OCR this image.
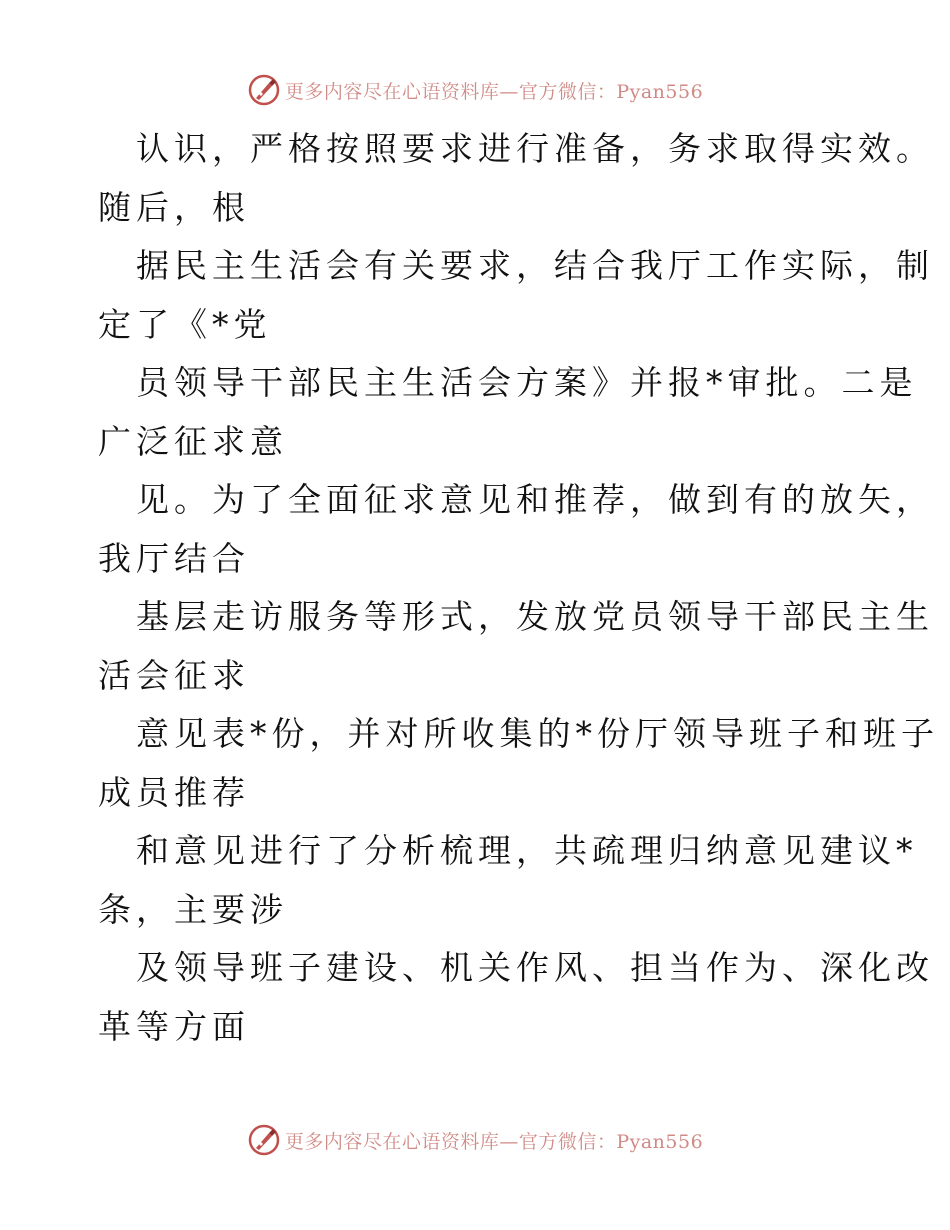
更多内容尽在心语资料库—官方微信：Pyan556
认识，严格按照要求进行准备，务求取得实效。
随后，根
据民主生活会有关要求，结合我厅工作实际，制
定了《*党
员领导干部民主生活会方案》并报*审批。二是
广泛征求意
见。为了全面征求意见和推荐，做到有的放矢，
我厅结合
基层走访服务等形式，发放党员领导干部民主生
活会征求
意见表*份，并对所收集的*份厅领导班子和班子
成员推荐
和意见进行了分析梳理，共疏理归纳意见建议*
条，主要涉
及领导班子建设、机关作风、担当作为、深化改
革等方面
更多内容尽在心语资料库—官方微信：Pyan556
